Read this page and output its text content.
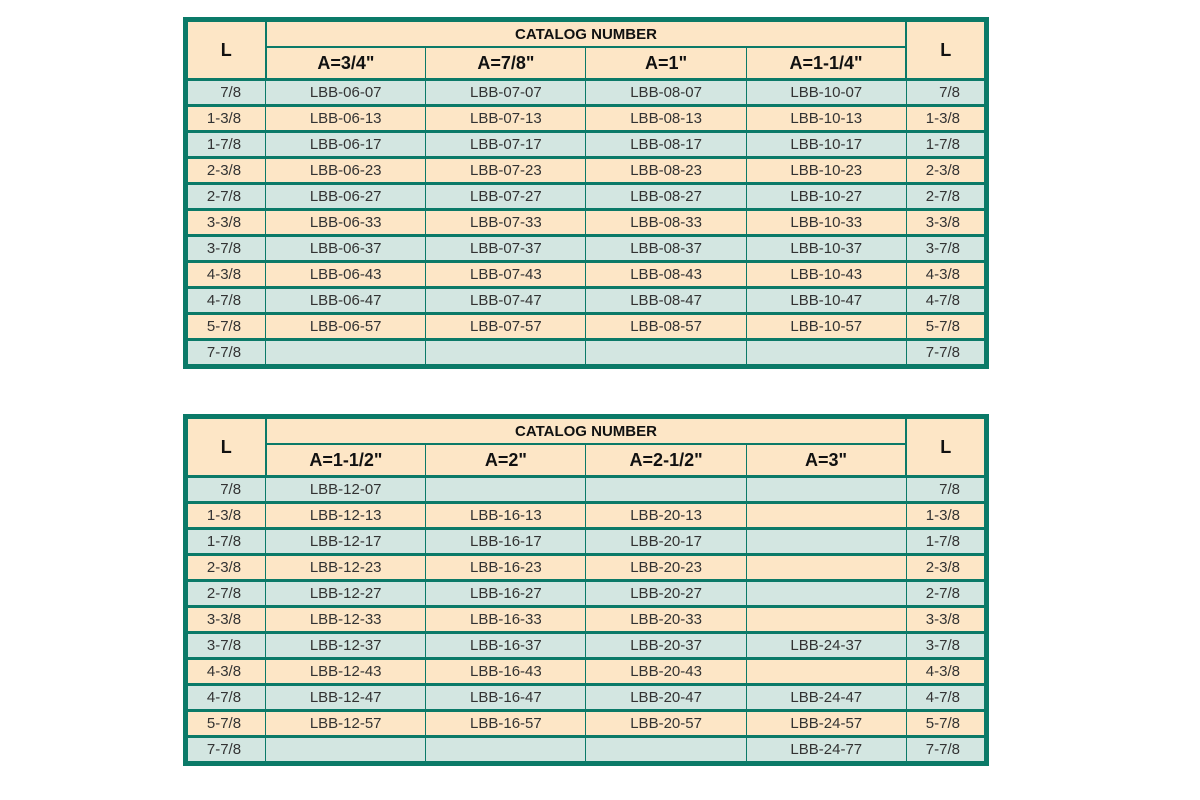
L	CATALOG NUMBER				L
	A=3/4"	A=7/8"	A=1"	A=1-1/4"	
7/8	LBB-06-07	LBB-07-07	LBB-08-07	LBB-10-07	7/8
1-3/8	LBB-06-13	LBB-07-13	LBB-08-13	LBB-10-13	1-3/8
1-7/8	LBB-06-17	LBB-07-17	LBB-08-17	LBB-10-17	1-7/8
2-3/8	LBB-06-23	LBB-07-23	LBB-08-23	LBB-10-23	2-3/8
2-7/8	LBB-06-27	LBB-07-27	LBB-08-27	LBB-10-27	2-7/8
3-3/8	LBB-06-33	LBB-07-33	LBB-08-33	LBB-10-33	3-3/8
3-7/8	LBB-06-37	LBB-07-37	LBB-08-37	LBB-10-37	3-7/8
4-3/8	LBB-06-43	LBB-07-43	LBB-08-43	LBB-10-43	4-3/8
4-7/8	LBB-06-47	LBB-07-47	LBB-08-47	LBB-10-47	4-7/8
5-7/8	LBB-06-57	LBB-07-57	LBB-08-57	LBB-10-57	5-7/8
7-7/8					7-7/8
L	CATALOG NUMBER				L
	A=1-1/2"	A=2"	A=2-1/2"	A=3"	
7/8	LBB-12-07				7/8
1-3/8	LBB-12-13	LBB-16-13	LBB-20-13		1-3/8
1-7/8	LBB-12-17	LBB-16-17	LBB-20-17		1-7/8
2-3/8	LBB-12-23	LBB-16-23	LBB-20-23		2-3/8
2-7/8	LBB-12-27	LBB-16-27	LBB-20-27		2-7/8
3-3/8	LBB-12-33	LBB-16-33	LBB-20-33		3-3/8
3-7/8	LBB-12-37	LBB-16-37	LBB-20-37	LBB-24-37	3-7/8
4-3/8	LBB-12-43	LBB-16-43	LBB-20-43		4-3/8
4-7/8	LBB-12-47	LBB-16-47	LBB-20-47	LBB-24-47	4-7/8
5-7/8	LBB-12-57	LBB-16-57	LBB-20-57	LBB-24-57	5-7/8
7-7/8				LBB-24-77	7-7/8
